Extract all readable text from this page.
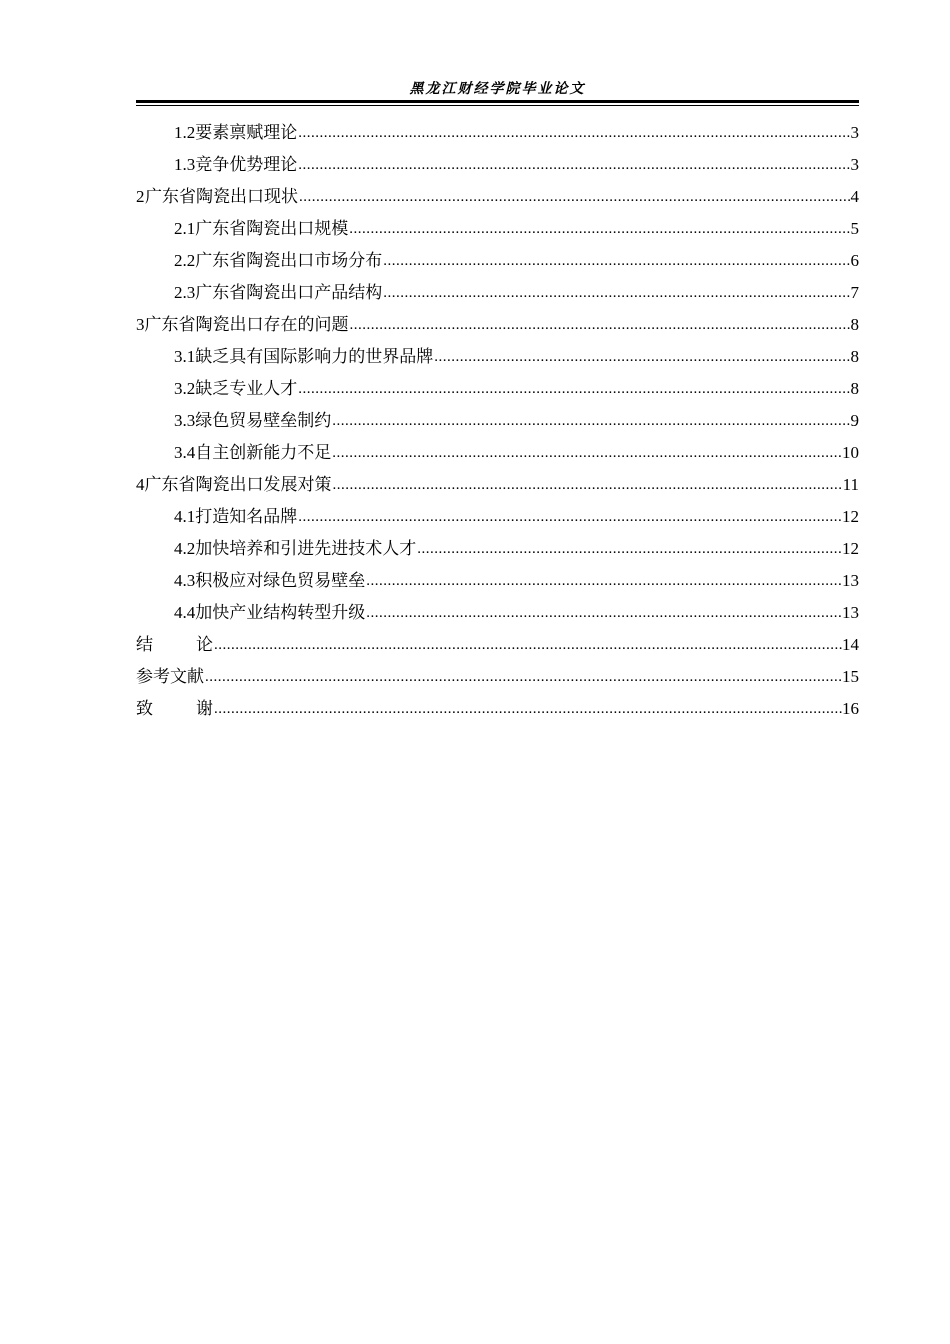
黑龙江财经学院毕业论文
1.2 要素禀赋理论 .....	3
1.3 竞争优势理论 .....	3
2 广东省陶瓷出口现状 .....	4
2.1 广东省陶瓷出口规模 .....	5
2.2 广东省陶瓷出口市场分布 .....	6
2.3 广东省陶瓷出口产品结构 .....	7
3 广东省陶瓷出口存在的问题 .....	8
3.1 缺乏具有国际影响力的世界品牌 .....	8
3.2 缺乏专业人才 .....	8
3.3 绿色贸易壁垒制约 .....	9
3.4 自主创新能力不足 .....	10
4 广东省陶瓷出口发展对策 .....	11
4.1 打造知名品牌 .....	12
4.2 加快培养和引进先进技术人才 .....	12
4.3 积极应对绿色贸易壁垒 .....	13
4.4 加快产业结构转型升级 .....	13
结论 .....	14
参考文献 .....	15
致谢 .....	16
